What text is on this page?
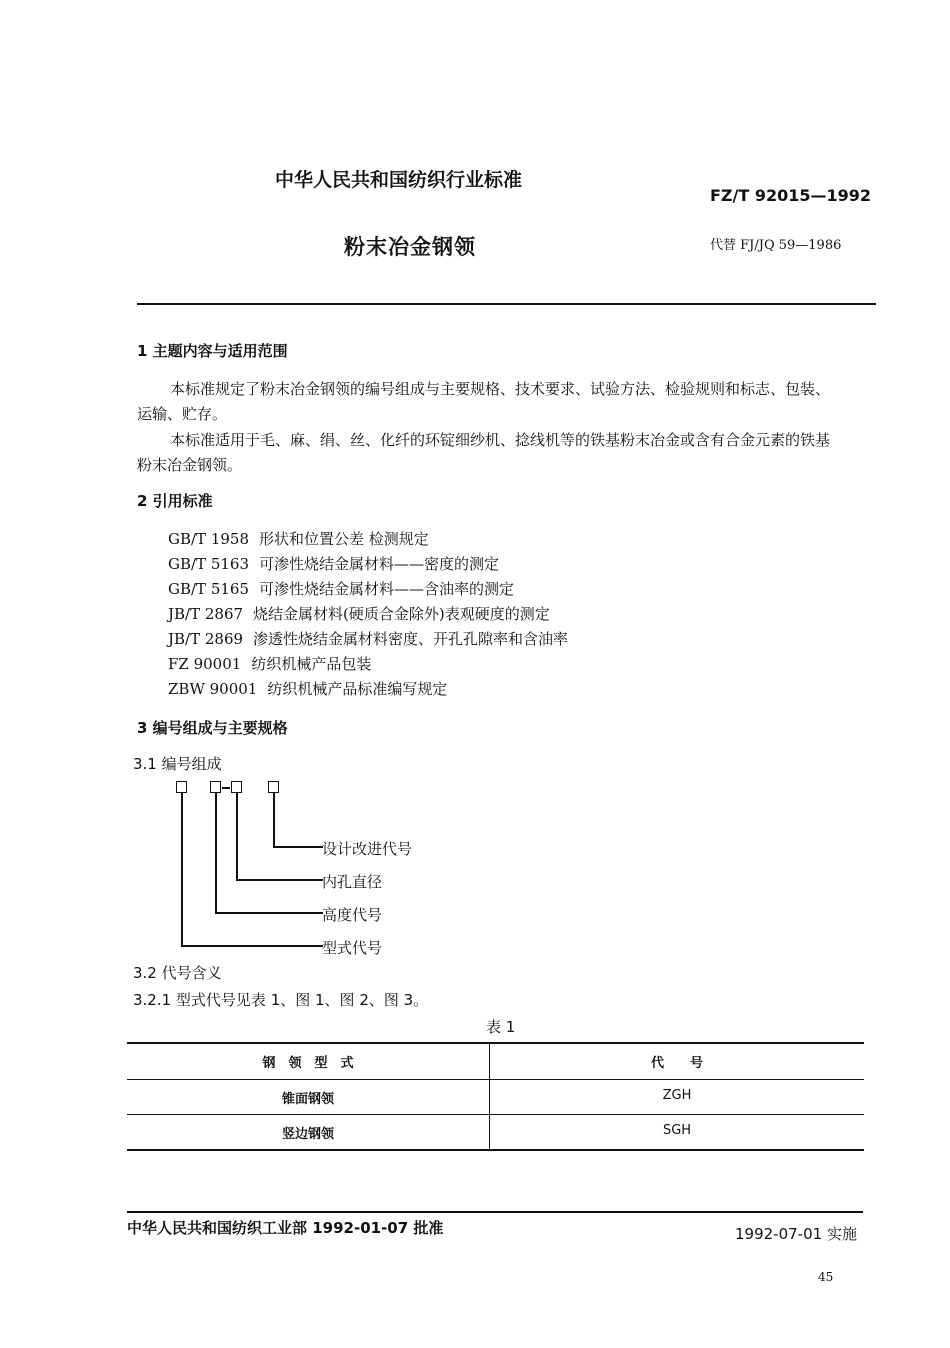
中华人民共和国纺织行业标准
FZ/T 92015—1992
粉末冶金钢领	代替 FJ/JQ 59—1986
1 主题内容与适用范围
本标准规定了粉末冶金钢领的编号组成与主要规格、技术要求、试验方法、检验规则和标志、包装、
运输、贮存。
本标准适用于毛、麻、绢、丝、化纤的环锭细纱机、捻线机等的铁基粉末冶金或含有合金元素的铁基
粉末冶金钢领。
2 引用标准
GB/T 1958 形状和位置公差 检测规定
GB/T 5163 可渗性烧结金属材料——密度的测定
GB/T 5165 可渗性烧结金属材料——含油率的测定
JB/T 2867 烧结金属材料(硬质合金除外)表观硬度的测定
JB/T 2869 渗透性烧结金属材料密度、开孔孔隙率和含油率
FZ 90001 纺织机械产品包装
ZBW 90001 纺织机械产品标准编写规定
3 编号组成与主要规格
3.1 编号组成
设计改进代号
内孔直径
高度代号
型式代号
3.2 代号含义
3.2.1 型式代号见表 1、图 1、图 2、图 3。
表 1
钢　领　型　式	代　　号
锥面钢领	ZGH
竖边钢领	SGH
中华人民共和国纺织工业部 1992-01-07 批准	1992-07-01 实施
45
